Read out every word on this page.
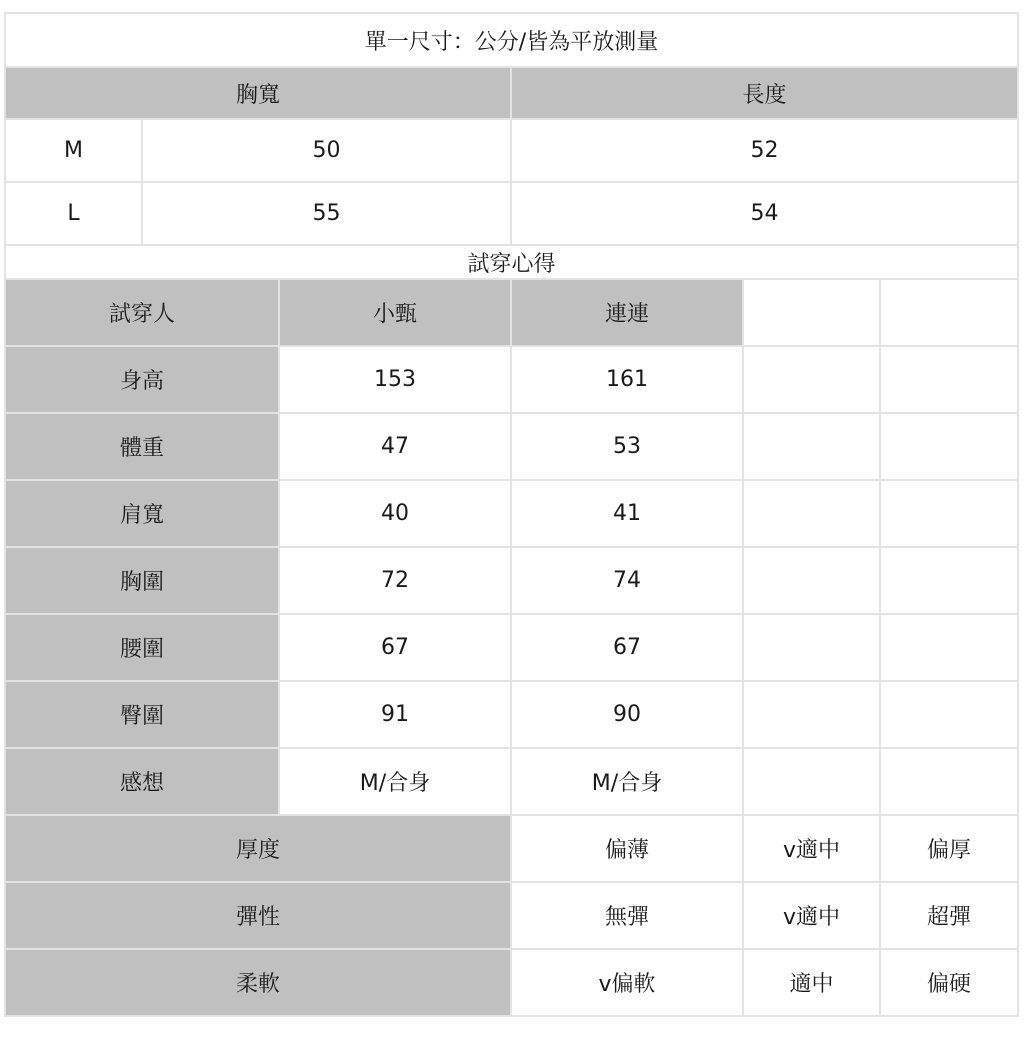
單一尺寸：公分/皆為平放測量					
胸寬			長度		
M	50		52		
L	55		54		
試穿心得					
試穿人		小甄	連連		
身高		153	161		
體重		47	53		
肩寬		40	41		
胸圍		72	74		
腰圍		67	67		
臀圍		91	90		
感想		M/合身	M/合身		
厚度			偏薄	v適中	偏厚
彈性			無彈	v適中	超彈
柔軟			v偏軟	適中	偏硬
